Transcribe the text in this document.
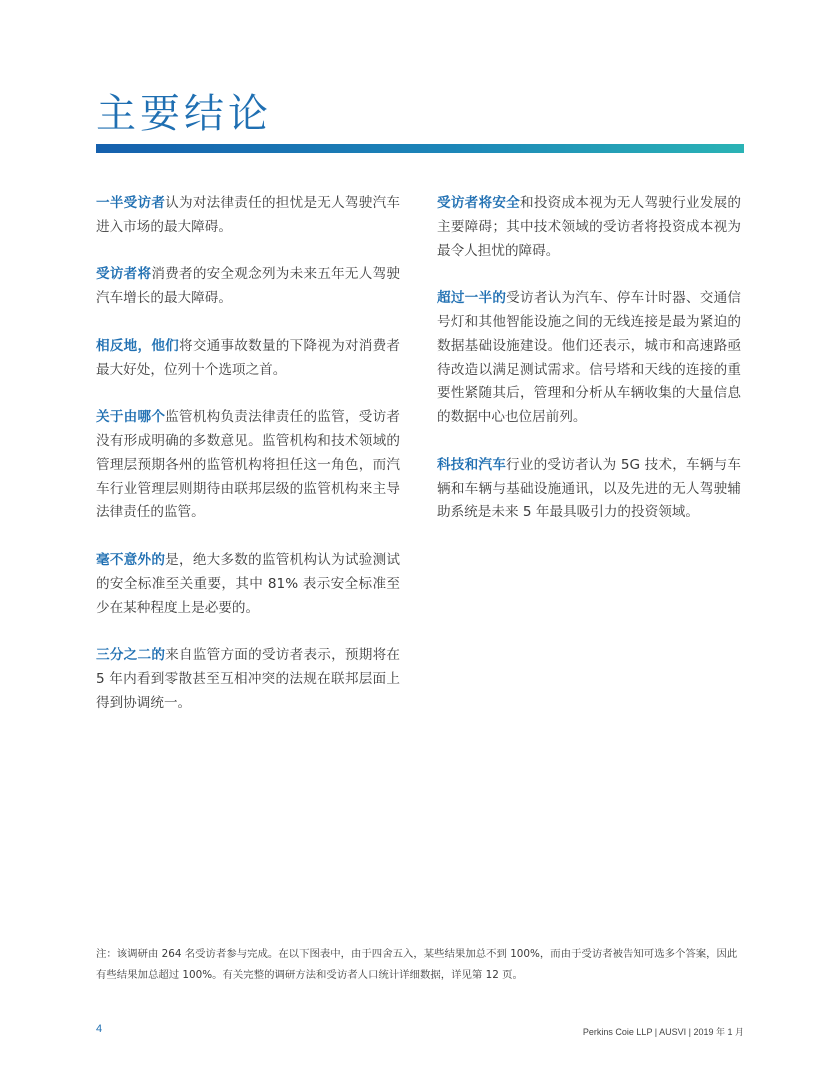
主要结论

一半受访者认为对法律责任的担忧是无人驾驶汽车进入市场的最大障碍。

受访者将消费者的安全观念列为未来五年无人驾驶汽车增长的最大障碍。

相反地，他们将交通事故数量的下降视为对消费者最大好处，位列十个选项之首。

关于由哪个监管机构负责法律责任的监管，受访者没有形成明确的多数意见。监管机构和技术领域的管理层预期各州的监管机构将担任这一角色，而汽车行业管理层则期待由联邦层级的监管机构来主导法律责任的监管。

毫不意外的是，绝大多数的监管机构认为试验测试的安全标准至关重要，其中 81% 表示安全标准至少在某种程度上是必要的。

三分之二的来自监管方面的受访者表示，预期将在 5 年内看到零散甚至互相冲突的法规在联邦层面上得到协调统一。

受访者将安全和投资成本视为无人驾驶行业发展的主要障碍；其中技术领域的受访者将投资成本视为最令人担忧的障碍。

超过一半的受访者认为汽车、停车计时器、交通信号灯和其他智能设施之间的无线连接是最为紧迫的数据基础设施建设。他们还表示，城市和高速路亟待改造以满足测试需求。信号塔和天线的连接的重要性紧随其后，管理和分析从车辆收集的大量信息的数据中心也位居前列。

科技和汽车行业的受访者认为 5G 技术，车辆与车辆和车辆与基础设施通讯，以及先进的无人驾驶辅助系统是未来 5 年最具吸引力的投资领域。

注：该调研由 264 名受访者参与完成。在以下图表中，由于四舍五入，某些结果加总不到 100%，而由于受访者被告知可选多个答案，因此有些结果加总超过 100%。有关完整的调研方法和受访者人口统计详细数据，详见第 12 页。
4	Perkins Coie LLP | AUSVI | 2019 年 1 月
